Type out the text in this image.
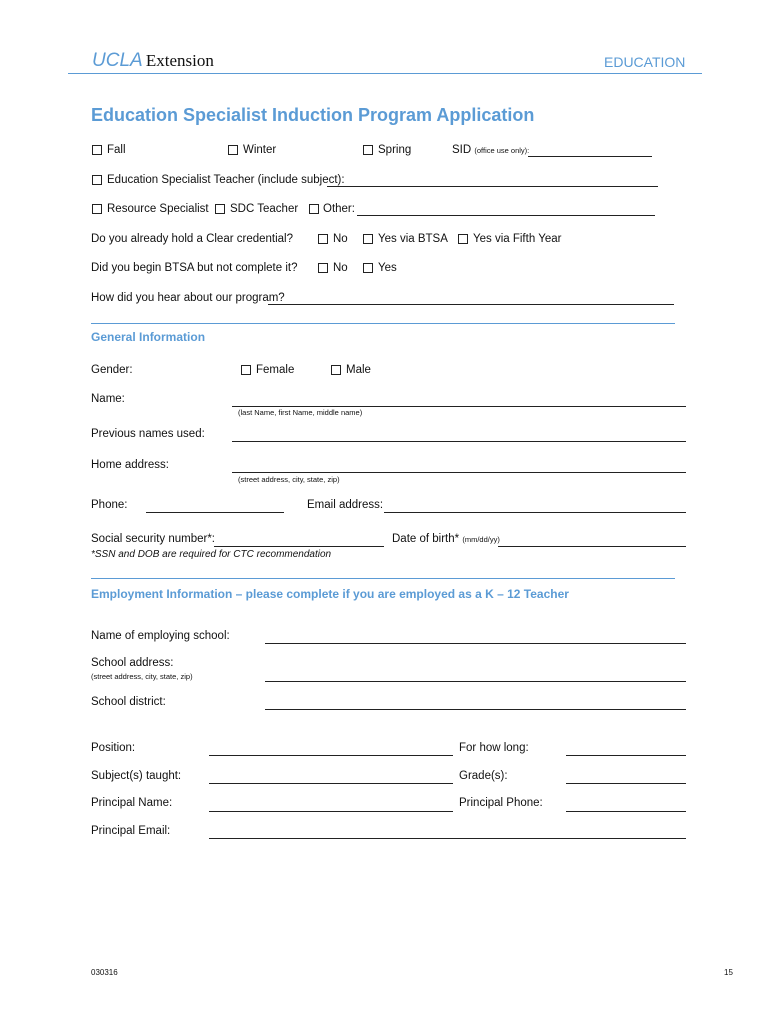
UCLA Extension	EDUCATION
Education Specialist Induction Program Application
Fall	Winter	Spring	SID (office use only):
Education Specialist Teacher (include subject):
Resource Specialist SDC Teacher Other:
Do you already hold a Clear credential?	No	Yes via BTSA Yes via Fifth Year
Did you begin BTSA but not complete it?	No	Yes
How did you hear about our program?
General Information
Gender:	Female	Male
Name:
(last Name, first Name, middle name)
Previous names used:
Home address:
(street address, city, state, zip)
Phone:	Email address:
Social security number*:	Date of birth* (mm/dd/yy)
*SSN and DOB are required for CTC recommendation
Employment Information – please complete if you are employed as a K – 12 Teacher
Name of employing school:
School address:
(street address, city, state, zip)
School district:
Position:	For how long:
Subject(s) taught:	Grade(s):
Principal Name:	Principal Phone:
Principal Email:
030316	15
